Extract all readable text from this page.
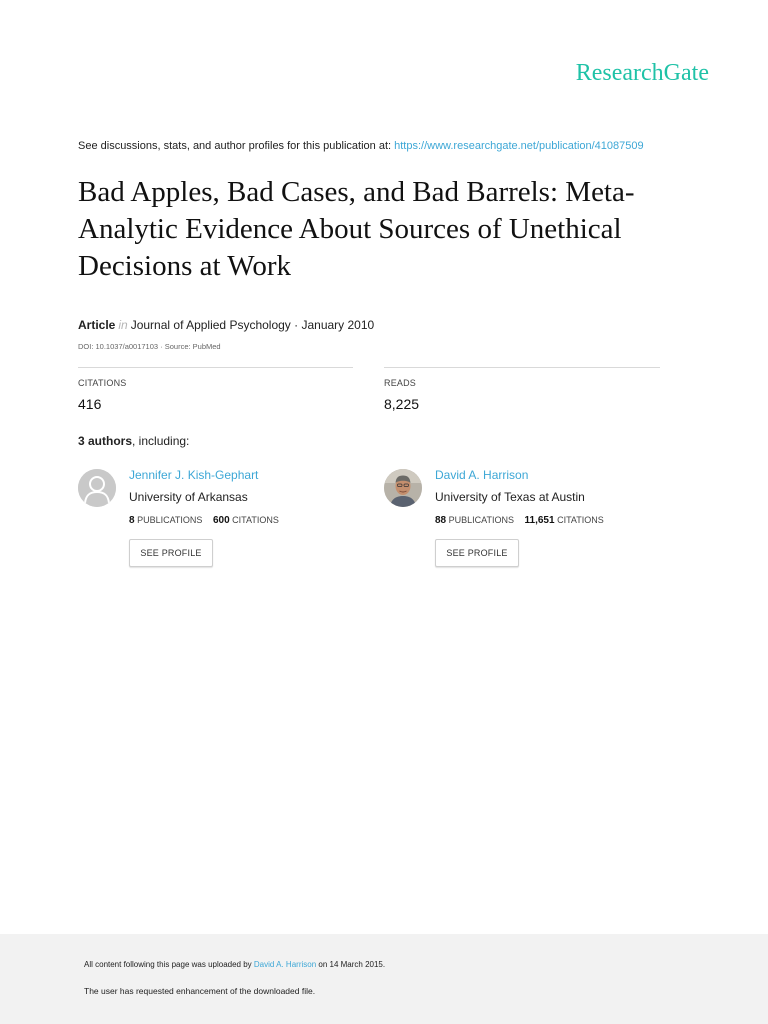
ResearchGate
See discussions, stats, and author profiles for this publication at: https://www.researchgate.net/publication/41087509
Bad Apples, Bad Cases, and Bad Barrels: Meta-Analytic Evidence About Sources of Unethical Decisions at Work
Article in Journal of Applied Psychology · January 2010
DOI: 10.1037/a0017103 · Source: PubMed
CITATIONS
416
READS
8,225
3 authors, including:
Jennifer J. Kish-Gephart
University of Arkansas
8 PUBLICATIONS 600 CITATIONS
SEE PROFILE
David A. Harrison
University of Texas at Austin
88 PUBLICATIONS 11,651 CITATIONS
SEE PROFILE
All content following this page was uploaded by David A. Harrison on 14 March 2015.
The user has requested enhancement of the downloaded file.
